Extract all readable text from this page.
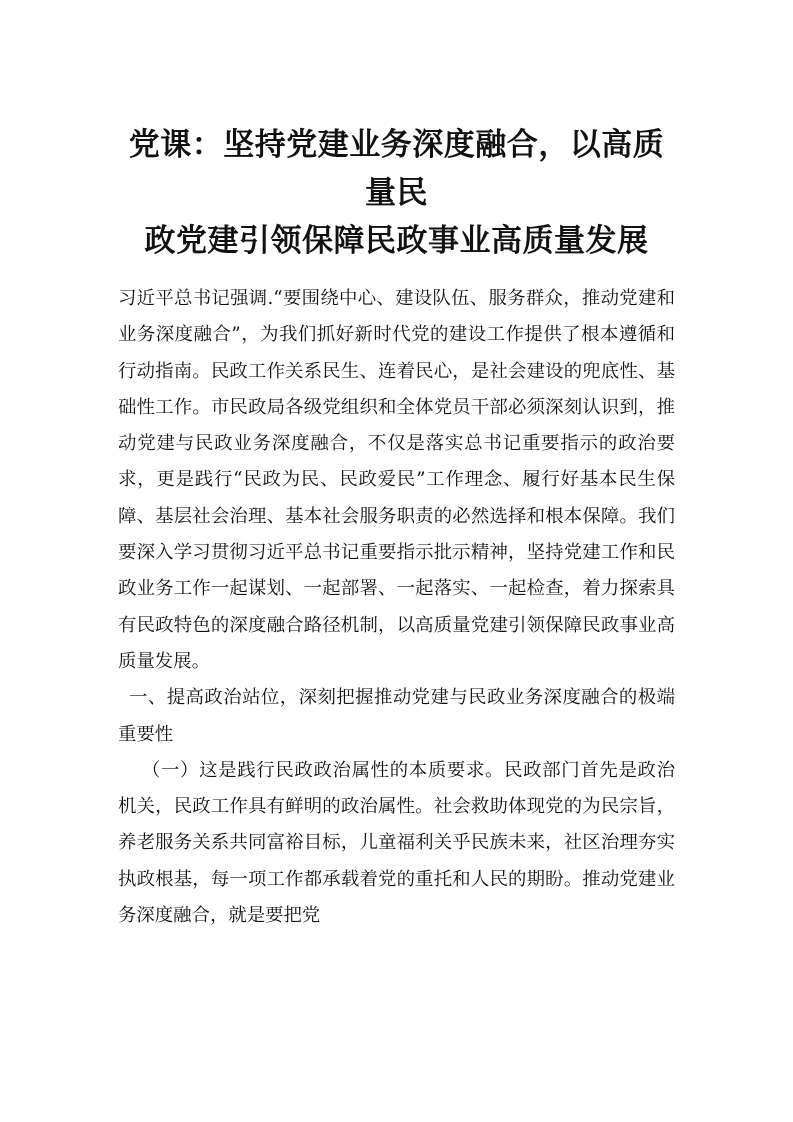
党课：坚持党建业务深度融合，以高质量民
政党建引领保障民政事业高质量发展

习近平总书记强调.“要围绕中心、建设队伍、服务群众，推动党建和业务深度融合”，为我们抓好新时代党的建设工作提供了根本遵循和行动指南。民政工作关系民生、连着民心，是社会建设的兜底性、基础性工作。市民政局各级党组织和全体党员干部必须深刻认识到，推动党建与民政业务深度融合，不仅是落实总书记重要指示的政治要求，更是践行“民政为民、民政爱民”工作理念、履行好基本民生保障、基层社会治理、基本社会服务职责的必然选择和根本保障。我们要深入学习贯彻习近平总书记重要指示批示精神，坚持党建工作和民政业务工作一起谋划、一起部署、一起落实、一起检查，着力探索具有民政特色的深度融合路径机制，以高质量党建引领保障民政事业高质量发展。

一、提高政治站位，深刻把握推动党建与民政业务深度融合的极端重要性

（一）这是践行民政政治属性的本质要求。民政部门首先是政治机关，民政工作具有鲜明的政治属性。社会救助体现党的为民宗旨，养老服务关系共同富裕目标，儿童福利关乎民族未来，社区治理夯实执政根基，每一项工作都承载着党的重托和人民的期盼。推动党建业务深度融合，就是要把党
